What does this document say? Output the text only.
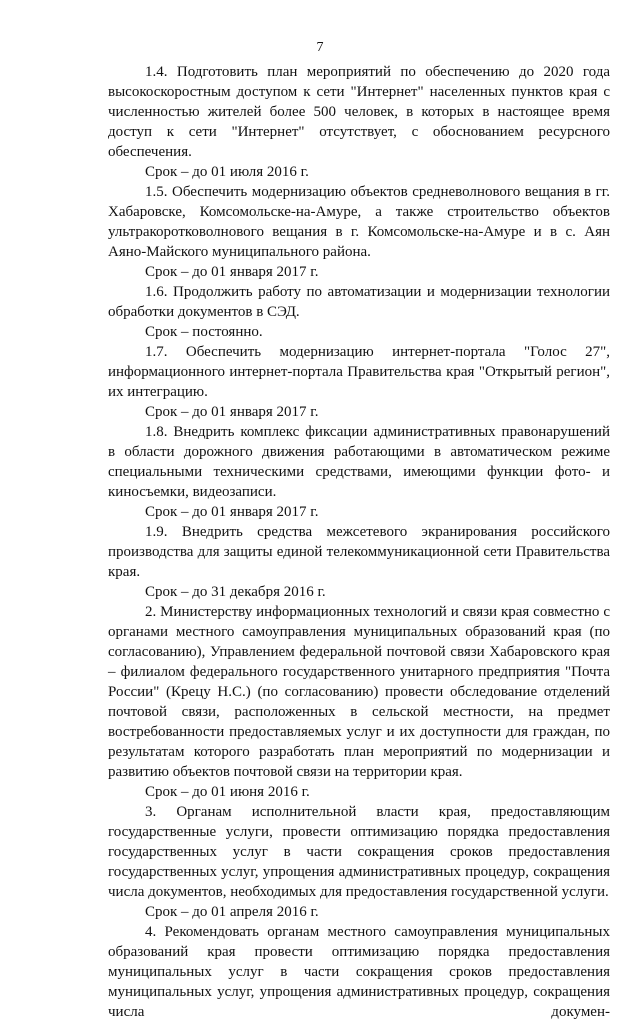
7

1.4. Подготовить план мероприятий по обеспечению до 2020 года высокоскоростным доступом к сети "Интернет" населенных пунктов края с численностью жителей более 500 человек, в которых в настоящее время доступ к сети "Интернет" отсутствует, с обоснованием ресурсного обеспечения.

Срок – до 01 июля 2016 г.

1.5. Обеспечить модернизацию объектов средневолнового вещания в гг. Хабаровске, Комсомольске-на-Амуре, а также строительство объектов ультракоротковолнового вещания в г. Комсомольске-на-Амуре и в с. Аян Аяно-Майского муниципального района.

Срок – до 01 января 2017 г.

1.6. Продолжить работу по автоматизации и модернизации технологии обработки документов в СЭД.

Срок – постоянно.

1.7. Обеспечить модернизацию интернет-портала "Голос 27", информационного интернет-портала Правительства края "Открытый регион", их интеграцию.

Срок – до 01 января 2017 г.

1.8. Внедрить комплекс фиксации административных правонарушений в области дорожного движения работающими в автоматическом режиме специальными техническими средствами, имеющими функции фото- и киносъемки, видеозаписи.

Срок – до 01 января 2017 г.

1.9. Внедрить средства межсетевого экранирования российского производства для защиты единой телекоммуникационной сети Правительства края.

Срок – до 31 декабря 2016 г.

2. Министерству информационных технологий и связи края совместно с органами местного самоуправления муниципальных образований края (по согласованию), Управлением федеральной почтовой связи Хабаровского края – филиалом федерального государственного унитарного предприятия "Почта России" (Крецу Н.С.) (по согласованию) провести обследование отделений почтовой связи, расположенных в сельской местности, на предмет востребованности предоставляемых услуг и их доступности для граждан, по результатам которого разработать план мероприятий по модернизации и развитию объектов почтовой связи на территории края.

Срок – до 01 июня 2016 г.

3. Органам исполнительной власти края, предоставляющим государственные услуги, провести оптимизацию порядка предоставления государственных услуг в части сокращения сроков предоставления государственных услуг, упрощения административных процедур, сокращения числа документов, необходимых для предоставления государственной услуги.

Срок – до 01 апреля 2016 г.

4. Рекомендовать органам местного самоуправления муниципальных образований края провести оптимизацию порядка предоставления муниципальных услуг в части сокращения сроков предоставления муниципальных услуг, упрощения административных процедур, сокращения числа докумен-
